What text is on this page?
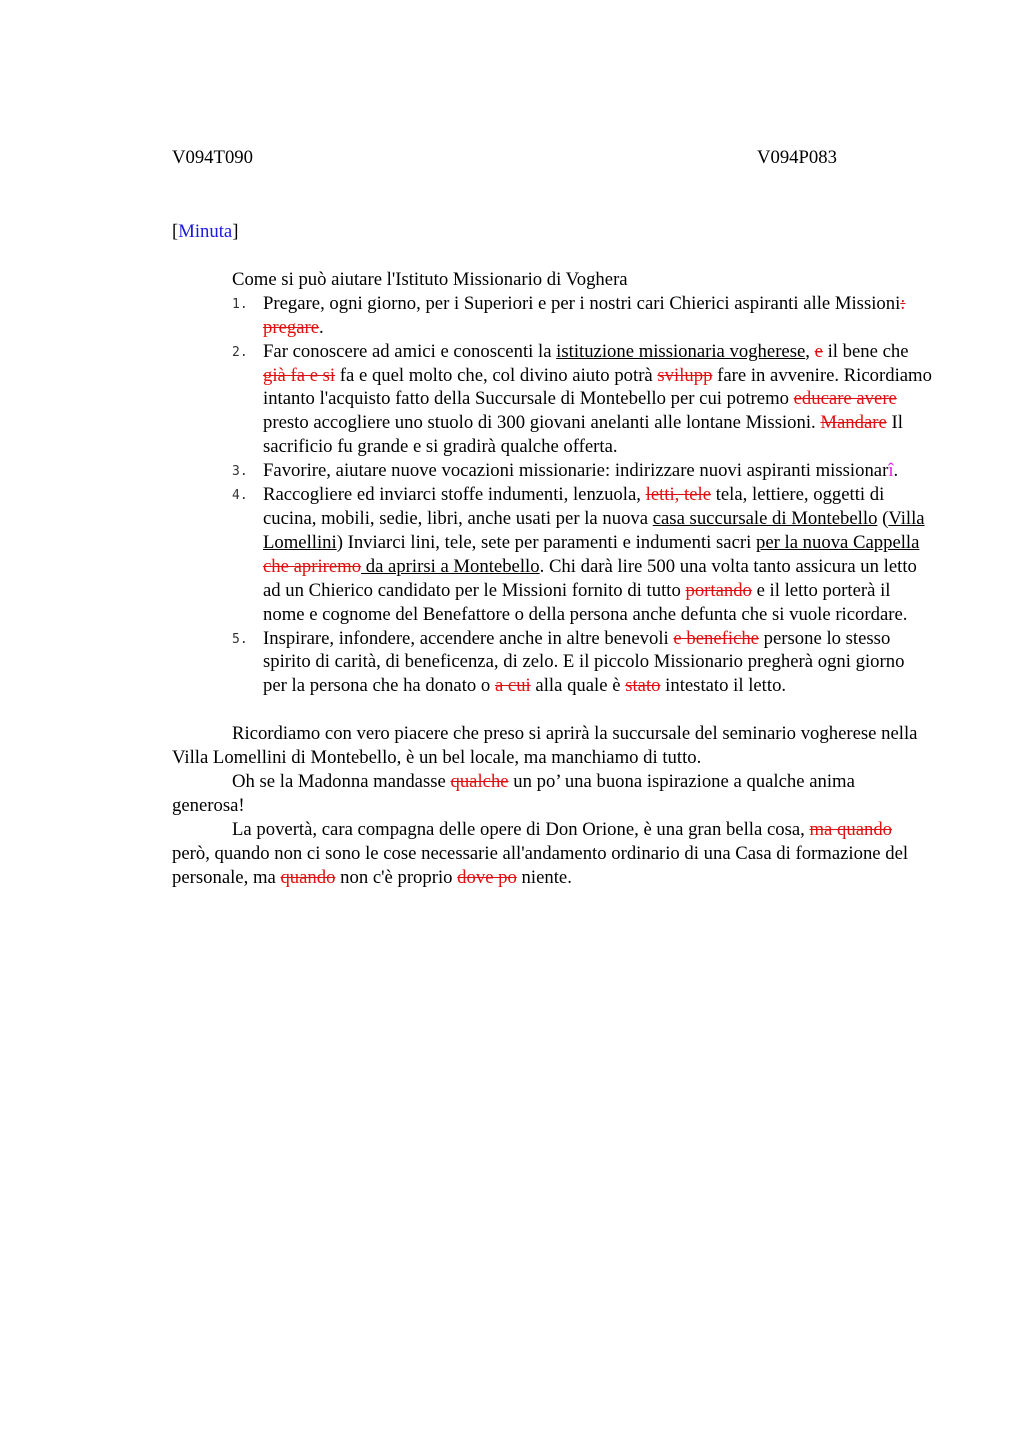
V094T090	V094P083
[Minuta]
Come si può aiutare l'Istituto Missionario di Voghera
1. Pregare, ogni giorno, per i Superiori e per i nostri cari Chierici aspiranti alle Missioni: pregare.
2. Far conoscere ad amici e conoscenti la istituzione missionaria vogherese, e il bene che già fa e si fa e quel molto che, col divino aiuto potrà svilupp fare in avvenire. Ricordiamo intanto l'acquisto fatto della Succursale di Montebello per cui potremo educare avere presto accogliere uno stuolo di 300 giovani anelanti alle lontane Missioni. Mandare Il sacrificio fu grande e si gradirà qualche offerta.
3. Favorire, aiutare nuove vocazioni missionarie: indirizzare nuovi aspiranti missionarî.
4. Raccogliere ed inviarci stoffe indumenti, lenzuola, letti, tele tela, lettiere, oggetti di cucina, mobili, sedie, libri, anche usati per la nuova casa succursale di Montebello (Villa Lomellini) Inviarci lini, tele, sete per paramenti e indumenti sacri per la nuova Cappella che apriremo da aprirsi a Montebello. Chi darà lire 500 una volta tanto assicura un letto ad un Chierico candidato per le Missioni fornito di tutto portando e il letto porterà il nome e cognome del Benefattore o della persona anche defunta che si vuole ricordare.
5. Inspirare, infondere, accendere anche in altre benevoli e benefiche persone lo stesso spirito di carità, di beneficenza, di zelo. E il piccolo Missionario pregherà ogni giorno per la persona che ha donato o a cui alla quale è stato intestato il letto.

Ricordiamo con vero piacere che preso si aprirà la succursale del seminario vogherese nella Villa Lomellini di Montebello, è un bel locale, ma manchiamo di tutto.

Oh se la Madonna mandasse qualche un po’ una buona ispirazione a qualche anima generosa!

La povertà, cara compagna delle opere di Don Orione, è una gran bella cosa, ma quando però, quando non ci sono le cose necessarie all'andamento ordinario di una Casa di formazione del personale, ma quando non c'è proprio dove po niente.
